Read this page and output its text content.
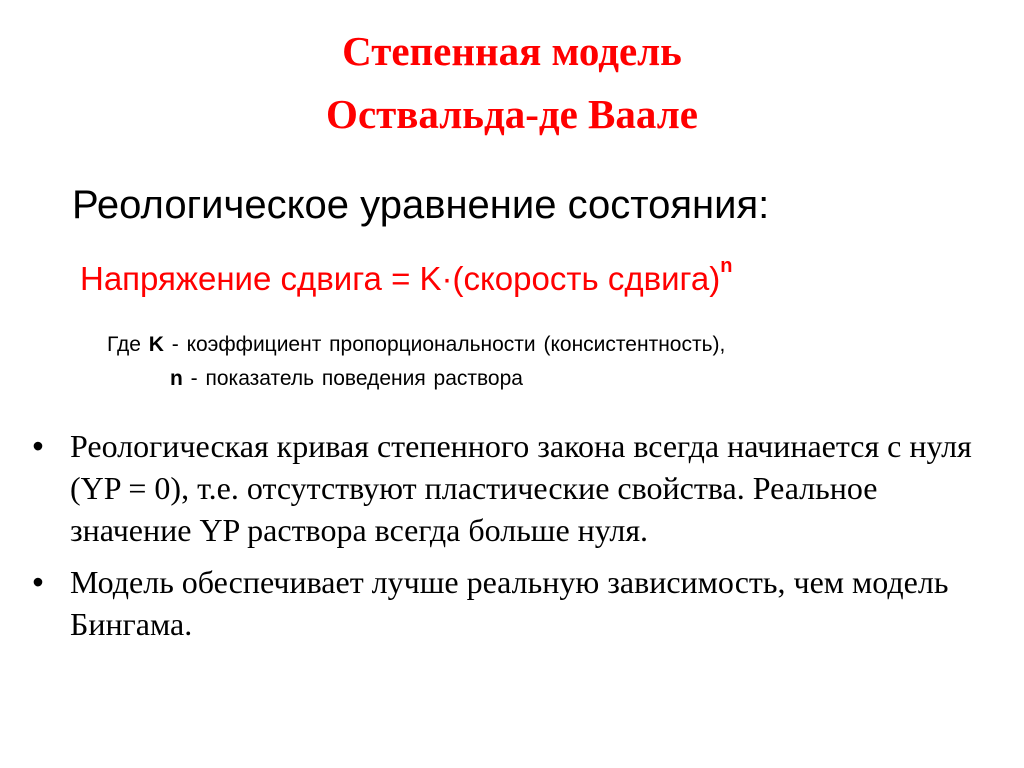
Степенная модель
Оствальда-де Ваале
Реологическое уравнение состояния:
Напряжение сдвига = K·(скорость сдвига)$^n$
Где K - коэффициент пропорциональности (консистентность),
n - показатель поведения раствора
• Реологическая кривая степенного закона всегда начинается с нуля (YP = 0), т.е. отсутствуют пластические свойства. Реальное значение YP раствора всегда больше нуля.
• Модель обеспечивает лучше реальную зависимость, чем модель Бингама.
